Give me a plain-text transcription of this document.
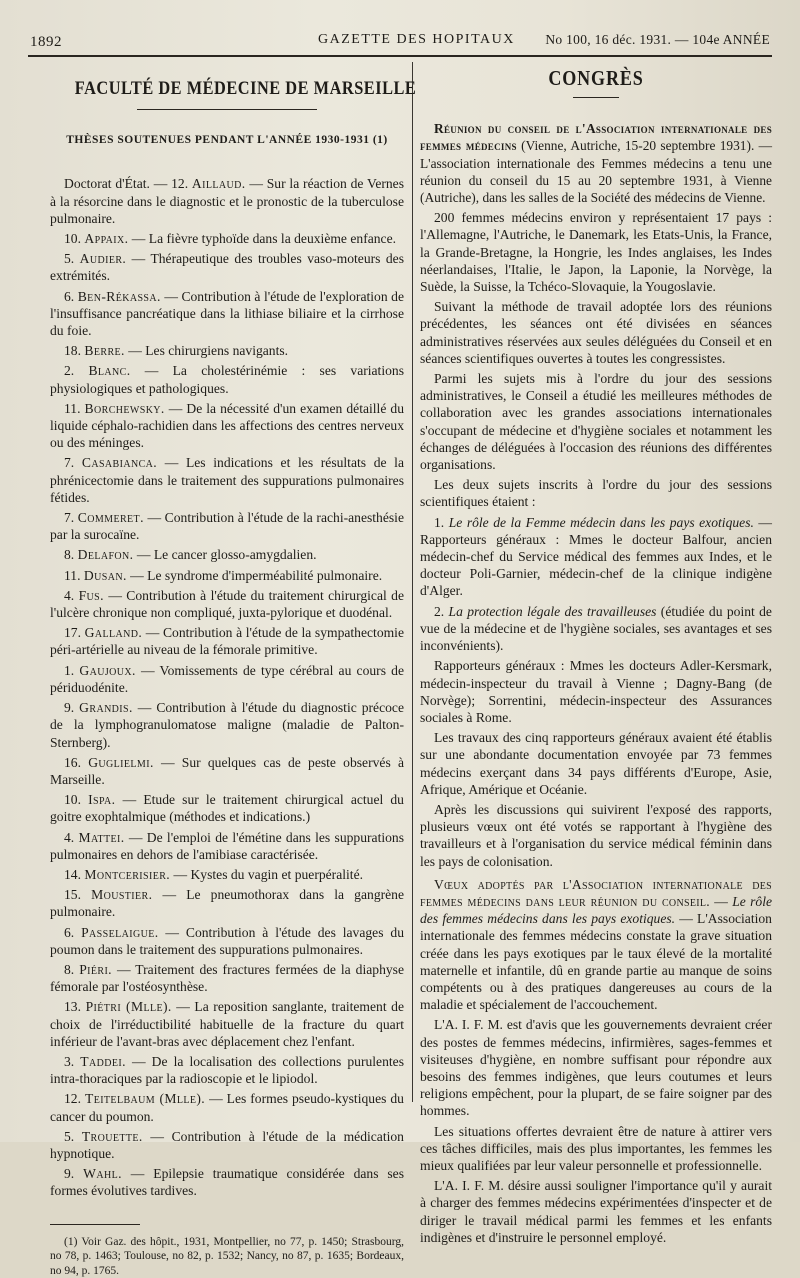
1892	GAZETTE DES HOPITAUX No 100, 16 déc. 1931. — 104e ANNÉE
FACULTÉ DE MÉDECINE DE MARSEILLE
THÈSES SOUTENUES PENDANT L'ANNÉE 1930-1931 (1)

Doctorat d'État. — 12. Aillaud. — Sur la réaction de Vernes à la résorcine dans le diagnostic et le pronostic de la tuberculose pulmonaire.

10. Appaix. — La fièvre typhoïde dans la deuxième enfance.

5. Audier. — Thérapeutique des troubles vaso-moteurs des extrémités.

6. Ben-Rékassa. — Contribution à l'étude de l'exploration de l'insuffisance pancréatique dans la lithiase biliaire et la cirrhose du foie.

18. Berre. — Les chirurgiens navigants.

2. Blanc. — La cholestérinémie : ses variations physiologiques et pathologiques.

11. Borchewsky. — De la nécessité d'un examen détaillé du liquide céphalo-rachidien dans les affections des centres nerveux ou des méninges.

7. Casabianca. — Les indications et les résultats de la phrénicectomie dans le traitement des suppurations pulmonaires fétides.

7. Commeret. — Contribution à l'étude de la rachi-anesthésie par la surocaïne.

8. Delafon. — Le cancer glosso-amygdalien.

11. Dusan. — Le syndrome d'imperméabilité pulmonaire.

4. Fus. — Contribution à l'étude du traitement chirurgical de l'ulcère chronique non compliqué, juxta-pylorique et duodénal.

17. Galland. — Contribution à l'étude de la sympathectomie péri-artérielle au niveau de la fémorale primitive.

1. Gaujoux. — Vomissements de type cérébral au cours de périduodénite.

9. Grandis. — Contribution à l'étude du diagnostic précoce de la lymphogranulomatose maligne (maladie de Palton-Sternberg).

16. Guglielmi. — Sur quelques cas de peste observés à Marseille.

10. Ispa. — Etude sur le traitement chirurgical actuel du goitre exophtalmique (méthodes et indications.)

4. Mattei. — De l'emploi de l'émétine dans les suppurations pulmonaires en dehors de l'amibiase caractérisée.

14. Montcerisier. — Kystes du vagin et puerpéralité.

15. Moustier. — Le pneumothorax dans la gangrène pulmonaire.

6. Passelaigue. — Contribution à l'étude des lavages du poumon dans le traitement des suppurations pulmonaires.

8. Piéri. — Traitement des fractures fermées de la diaphyse fémorale par l'ostéosynthèse.

13. Piétri (Mlle). — La reposition sanglante, traitement de choix de l'irréductibilité habituelle de la fracture du quart inférieur de l'avant-bras avec déplacement chez l'enfant.

3. Taddei. — De la localisation des collections purulentes intra-thoraciques par la radioscopie et le lipiodol.

12. Teitelbaum (Mlle). — Les formes pseudo-kystiques du cancer du poumon.

5. Trouette. — Contribution à l'étude de la médication hypnotique.

9. Wahl. — Epilepsie traumatique considérée dans ses formes évolutives tardives.

(1) Voir Gaz. des hôpit., 1931, Montpellier, no 77, p. 1450; Strasbourg, no 78, p. 1463; Toulouse, no 82, p. 1532; Nancy, no 87, p. 1635; Bordeaux, no 94, p. 1765.
CONGRÈS

Réunion du conseil de l'Association internationale des femmes médecins (Vienne, Autriche, 15-20 septembre 1931). — L'association internationale des Femmes médecins a tenu une réunion du conseil du 15 au 20 septembre 1931, à Vienne (Autriche), dans les salles de la Société des médecins de Vienne.

200 femmes médecins environ y représentaient 17 pays : l'Allemagne, l'Autriche, le Danemark, les Etats-Unis, la France, la Grande-Bretagne, la Hongrie, les Indes anglaises, les Indes néerlandaises, l'Italie, le Japon, la Laponie, la Norvège, la Suède, la Suisse, la Tchéco-Slovaquie, la Yougoslavie.

Suivant la méthode de travail adoptée lors des réunions précédentes, les séances ont été divisées en séances administratives réservées aux seules déléguées du Conseil et en séances scientifiques ouvertes à toutes les congressistes.

Parmi les sujets mis à l'ordre du jour des sessions administratives, le Conseil a étudié les meilleures méthodes de collaboration avec les grandes associations internationales s'occupant de médecine et d'hygiène sociales et notamment les échanges de déléguées à l'occasion des réunions des différentes organisations.

Les deux sujets inscrits à l'ordre du jour des sessions scientifiques étaient :

1. Le rôle de la Femme médecin dans les pays exotiques. — Rapporteurs généraux : Mmes le docteur Balfour, ancien médecin-chef du Service médical des femmes aux Indes, et le docteur Poli-Garnier, médecin-chef de la clinique indigène d'Alger.

2. La protection légale des travailleuses (étudiée du point de vue de la médecine et de l'hygiène sociales, ses avantages et ses inconvénients).

Rapporteurs généraux : Mmes les docteurs Adler-Kersmark, médecin-inspecteur du travail à Vienne ; Dagny-Bang (de Norvège); Sorrentini, médecin-inspecteur des Assurances sociales à Rome.

Les travaux des cinq rapporteurs généraux avaient été établis sur une abondante documentation envoyée par 73 femmes médecins exerçant dans 34 pays différents d'Europe, Asie, Afrique, Amérique et Océanie.

Après les discussions qui suivirent l'exposé des rapports, plusieurs vœux ont été votés se rapportant à l'hygiène des travailleurs et à l'organisation du service médical féminin dans les pays de colonisation.

Vœux adoptés par l'Association internationale des femmes médecins dans leur réunion du conseil. — Le rôle des femmes médecins dans les pays exotiques. — L'Association internationale des femmes médecins constate la grave situation créée dans les pays exotiques par le taux élevé de la mortalité maternelle et infantile, dû en grande partie au manque de soins compétents ou à des pratiques dangereuses au cours de la maladie et spécialement de l'accouchement.

L'A. I. F. M. est d'avis que les gouvernements devraient créer des postes de femmes médecins, infirmières, sages-femmes et visiteuses d'hygiène, en nombre suffisant pour répondre aux besoins des femmes indigènes, que leurs coutumes et leurs religions empêchent, pour la plupart, de se faire soigner par des hommes.

Les situations offertes devraient être de nature à attirer vers ces tâches difficiles, mais des plus importantes, les femmes les mieux qualifiées par leur valeur personnelle et professionnelle.

L'A. I. F. M. désire aussi souligner l'importance qu'il y aurait à charger des femmes médecins expérimentées d'inspecter et de diriger le travail médical parmi les femmes et les enfants indigènes et d'instruire le personnel employé.
